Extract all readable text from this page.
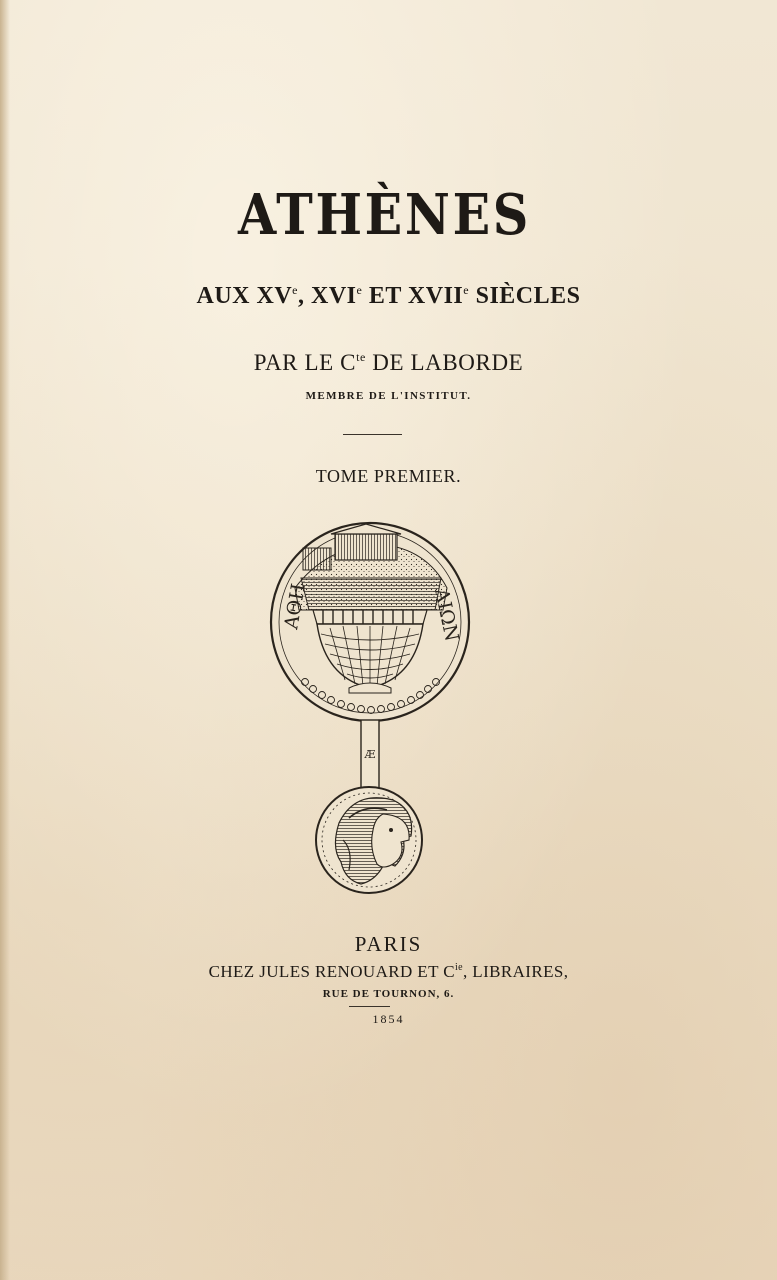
ATHÈNES
AUX XVe, XVIe ET XVIIe SIÈCLES
PAR LE $C^{te}$ DE LABORDE
MEMBRE DE L'INSTITUT.
TOME PREMIER.
ΑΘΗ	ΑΙΩΝ
Æ
PARIS
CHEZ JULES RENOUARD ET $C^{ie}$, LIBRAIRES,
RUE DE TOURNON, 6.
1854
